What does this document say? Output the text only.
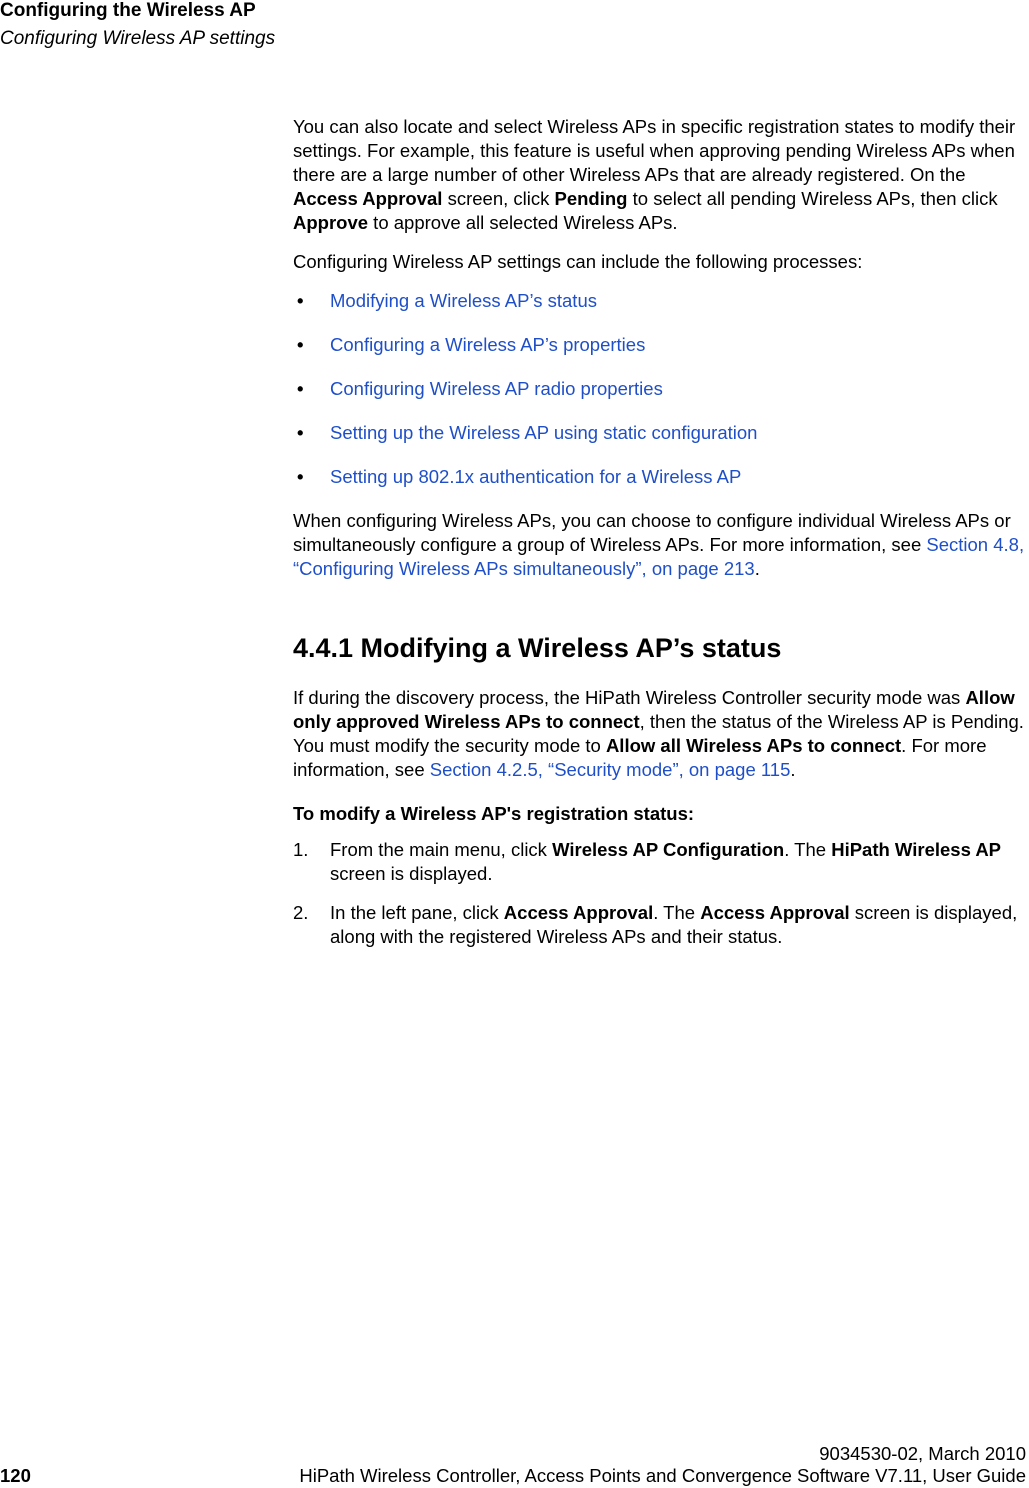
Configuring the Wireless AP

Configuring Wireless AP settings

You can also locate and select Wireless APs in specific registration states to modify their settings. For example, this feature is useful when approving pending Wireless APs when there are a large number of other Wireless APs that are already registered. On the Access Approval screen, click Pending to select all pending Wireless APs, then click Approve to approve all selected Wireless APs.

Configuring Wireless AP settings can include the following processes:

• Modifying a Wireless AP’s status
• Configuring a Wireless AP’s properties
• Configuring Wireless AP radio properties
• Setting up the Wireless AP using static configuration
• Setting up 802.1x authentication for a Wireless AP

When configuring Wireless APs, you can choose to configure individual Wireless APs or simultaneously configure a group of Wireless APs. For more information, see Section 4.8, “Configuring Wireless APs simultaneously”, on page 213.

4.4.1 Modifying a Wireless AP’s status

If during the discovery process, the HiPath Wireless Controller security mode was Allow only approved Wireless APs to connect, then the status of the Wireless AP is Pending. You must modify the security mode to Allow all Wireless APs to connect. For more information, see Section 4.2.5, “Security mode”, on page 115.

To modify a Wireless AP's registration status:

1. From the main menu, click Wireless AP Configuration. The HiPath Wireless AP screen is displayed.
2. In the left pane, click Access Approval. The Access Approval screen is displayed, along with the registered Wireless APs and their status.
9034530-02, March 2010
120	HiPath Wireless Controller, Access Points and Convergence Software V7.11, User Guide
